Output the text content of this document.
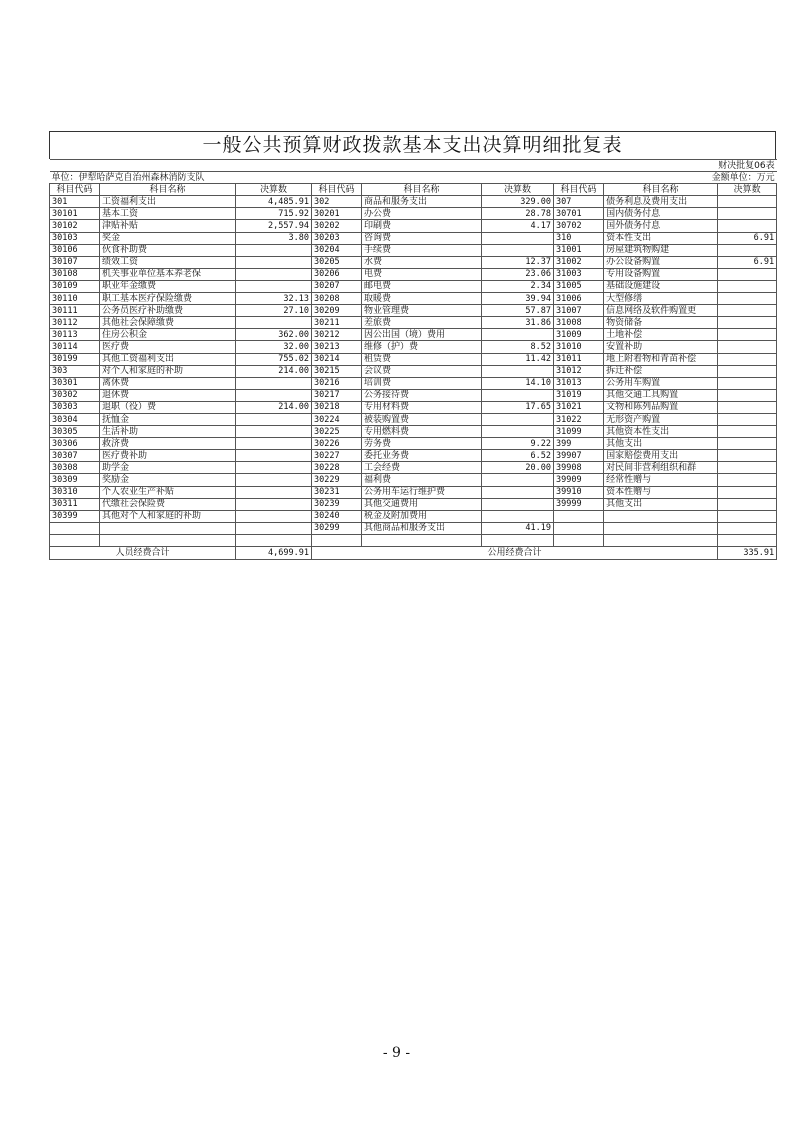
一般公共预算财政拨款基本支出决算明细批复表
							财决批复06表	
单位：伊犁哈萨克自治州森林消防支队							金额单位：万元	
科目代码	科目名称	决算数	科目代码	科目名称	决算数	科目代码	科目名称	决算数
301	工资福利支出	4,485.91	302	商品和服务支出	329.00	307	债务利息及费用支出	
30101	基本工资	715.92	30201	办公费	28.78	30701	国内债务付息	
30102	津贴补贴	2,557.94	30202	印刷费	4.17	30702	国外债务付息	
30103	奖金	3.80	30203	咨询费		310	资本性支出	6.91
30106	伙食补助费		30204	手续费		31001	房屋建筑物购建	
30107	绩效工资		30205	水费	12.37	31002	办公设备购置	6.91
30108	机关事业单位基本养老保		30206	电费	23.06	31003	专用设备购置	
30109	职业年金缴费		30207	邮电费	2.34	31005	基础设施建设	
30110	职工基本医疗保险缴费	32.13	30208	取暖费	39.94	31006	大型修缮	
30111	公务员医疗补助缴费	27.10	30209	物业管理费	57.87	31007	信息网络及软件购置更	
30112	其他社会保障缴费		30211	差旅费	31.86	31008	物资储备	
30113	住房公积金	362.00	30212	因公出国（境）费用		31009	土地补偿	
30114	医疗费	32.00	30213	维修（护）费	8.52	31010	安置补助	
30199	其他工资福利支出	755.02	30214	租赁费	11.42	31011	地上附着物和青苗补偿	
303	对个人和家庭的补助	214.00	30215	会议费		31012	拆迁补偿	
30301	离休费		30216	培训费	14.10	31013	公务用车购置	
30302	退休费		30217	公务接待费		31019	其他交通工具购置	
30303	退职（役）费	214.00	30218	专用材料费	17.65	31021	文物和陈列品购置	
30304	抚恤金		30224	被装购置费		31022	无形资产购置	
30305	生活补助		30225	专用燃料费		31099	其他资本性支出	
30306	救济费		30226	劳务费	9.22	399	其他支出	
30307	医疗费补助		30227	委托业务费	6.52	39907	国家赔偿费用支出	
30308	助学金		30228	工会经费	20.00	39908	对民间非营利组织和群	
30309	奖励金		30229	福利费		39909	经常性赠与	
30310	个人农业生产补贴		30231	公务用车运行维护费		39910	资本性赠与	
30311	代缴社会保险费		30239	其他交通费用		39999	其他支出	
30399	其他对个人和家庭的补助		30240	税金及附加费用				
			30299	其他商品和服务支出	41.19			

人员经费合计		4,699.91	公用经费合计					335.91
- 9 -
